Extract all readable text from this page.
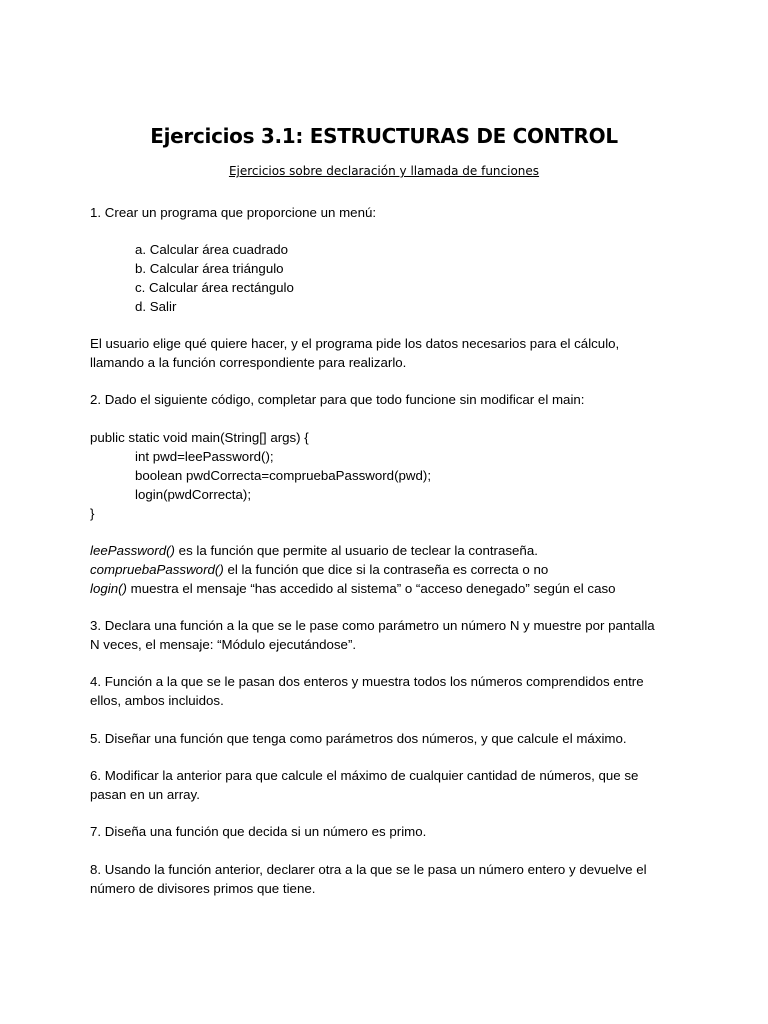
Ejercicios 3.1: ESTRUCTURAS DE CONTROL
Ejercicios sobre declaración y llamada de funciones
1. Crear un programa que proporcione un menú:
a. Calcular área cuadrado
b. Calcular área triángulo
c. Calcular área rectángulo
d. Salir
El usuario elige qué quiere hacer, y el programa pide los datos necesarios para el cálculo,
llamando a la función correspondiente para realizarlo.
2. Dado el siguiente código, completar para que todo funcione sin modificar el main:
public static void main(String[] args) {
int pwd=leePassword();
boolean pwdCorrecta=compruebaPassword(pwd);
login(pwdCorrecta);
}
leePassword() es la función que permite al usuario de teclear la contraseña.
compruebaPassword() el la función que dice si la contraseña es correcta o no
login() muestra el mensaje “has accedido al sistema” o “acceso denegado” según el caso
3. Declara una función a la que se le pase como parámetro un número N y muestre por pantalla
N veces, el mensaje: “Módulo ejecutándose”.
4. Función a la que se le pasan dos enteros y muestra todos los números comprendidos entre
ellos, ambos incluidos.
5. Diseñar una función que tenga como parámetros dos números, y que calcule el máximo.
6. Modificar la anterior para que calcule el máximo de cualquier cantidad de números, que se
pasan en un array.
7. Diseña una función que decida si un número es primo.
8. Usando la función anterior, declarer otra a la que se le pasa un número entero y devuelve el
número de divisores primos que tiene.
